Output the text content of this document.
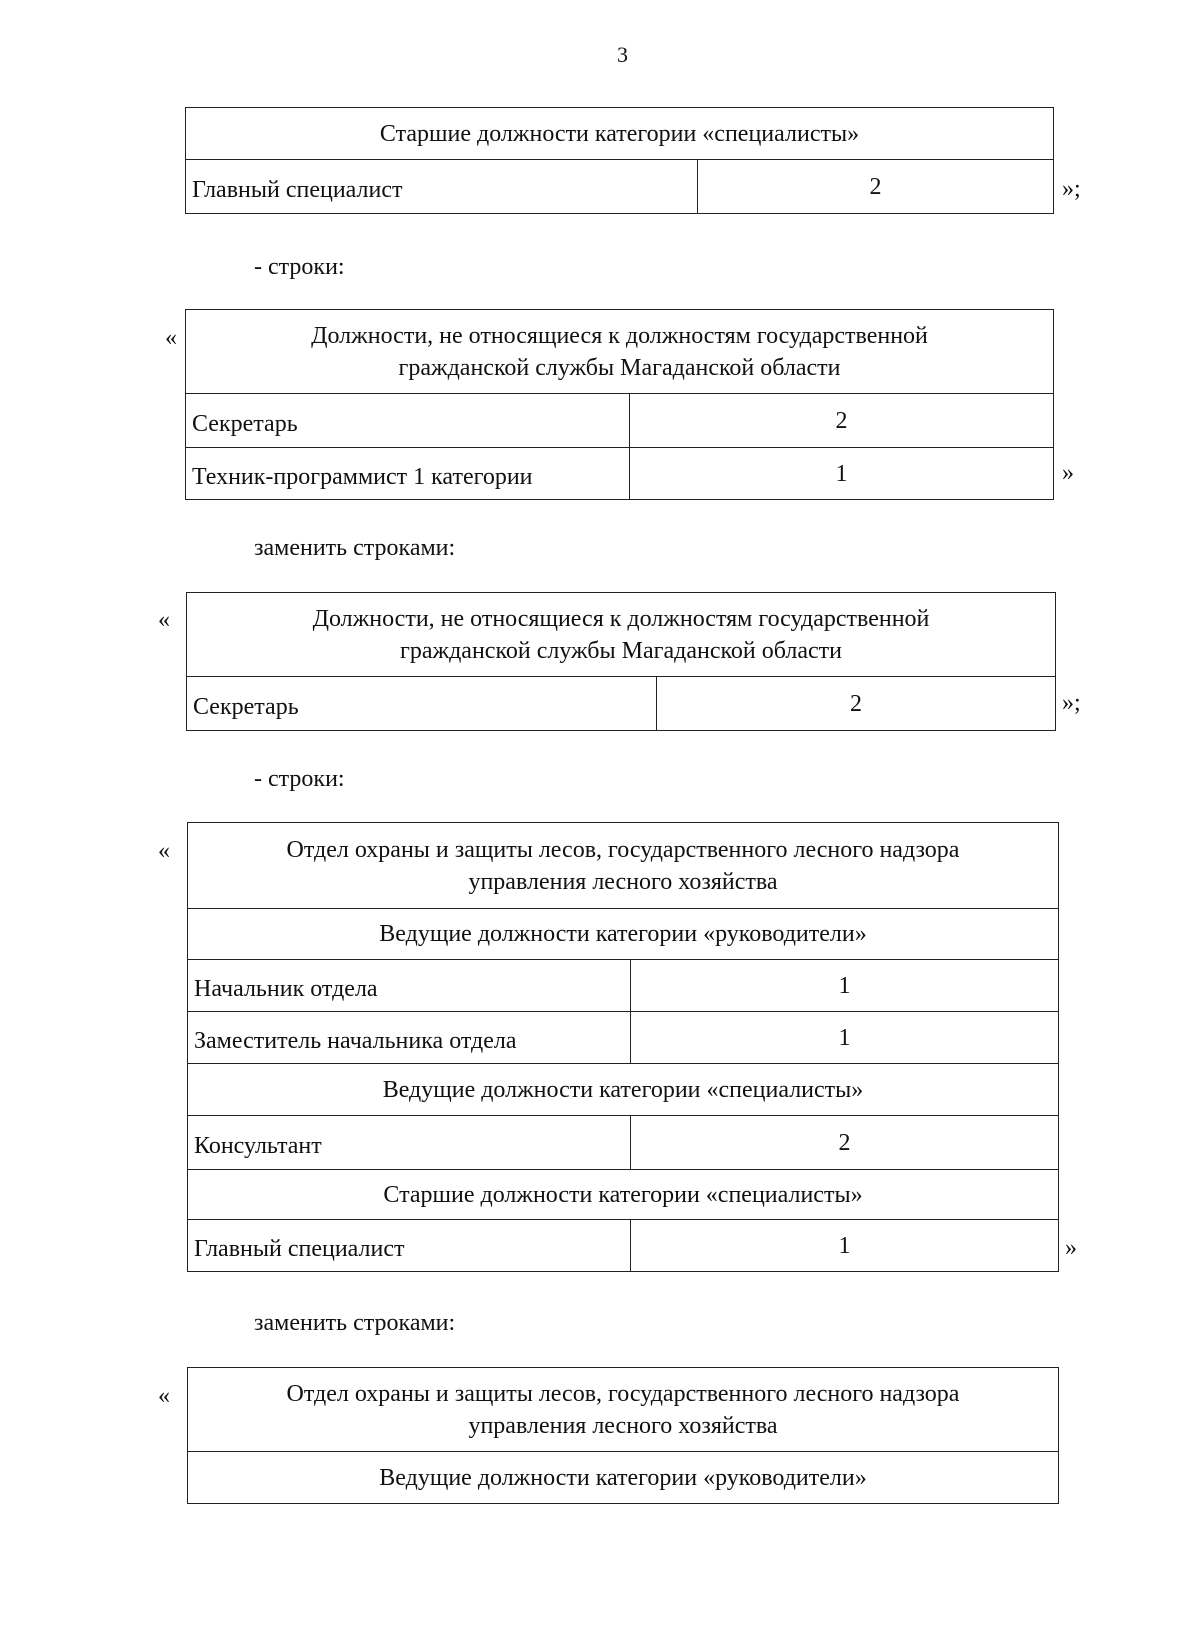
3
Старшие должности категории «специалисты»
Главный специалист	2	»;
- строки:
«	Должности, не относящиеся к должностям государственной
гражданской службы Магаданской области	

Секретарь	2
Техник-программист 1 категории	1	»
заменить строками:
«	Должности, не относящиеся к должностям государственной
гражданской службы Магаданской области

Секретарь	2	»;
- строки:
«	Отдел охраны и защиты лесов, государственного лесного надзора
управления лесного хозяйства	

Ведущие должности категории «руководители»	
Начальник отдела	1
Заместитель начальника отдела	1
Ведущие должности категории «специалисты»	
Консультант	2
Старшие должности категории «специалисты»	
Главный специалист	1	»
заменить строками:
«	Отдел охраны и защиты лесов, государственного лесного надзора
управления лесного хозяйства

Ведущие должности категории «руководители»
